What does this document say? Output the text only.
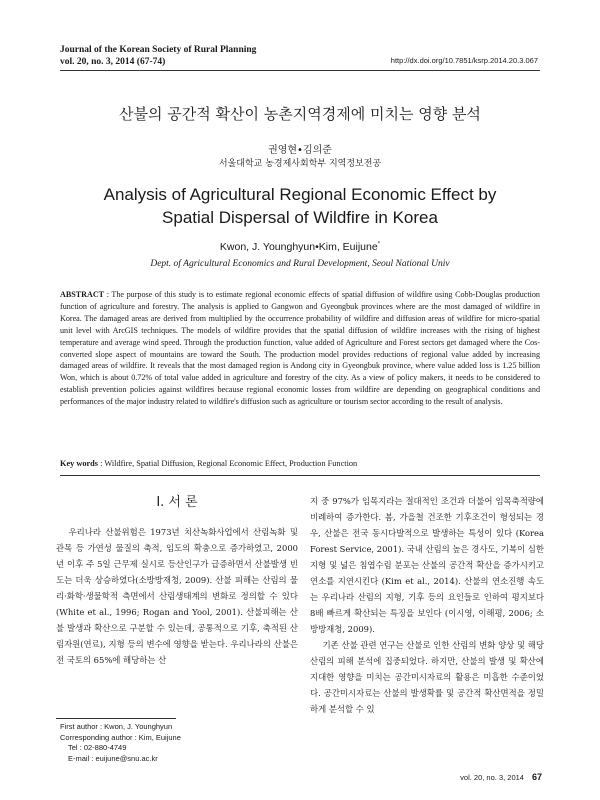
Journal of the Korean Society of Rural Planning
vol. 20, no. 3, 2014 (67-74)	http://dx.doi.org/10.7851/ksrp.2014.20.3.067
산불의 공간적 확산이 농촌지역경제에 미치는 영향 분석
권영현•김의준
서울대학교 농경제사회학부 지역정보전공
Analysis of Agricultural Regional Economic Effect by
Spatial Dispersal of Wildfire in Korea
Kwon, J. Younghyun•Kim, Euijune*
Dept. of Agricultural Economics and Rural Development, Seoul National Univ
ABSTRACT : The purpose of this study is to estimate regional economic effects of spatial diffusion of wildfire using Cobb-Douglas production function of agriculture and forestry. The analysis is applied to Gangwon and Gyeongbuk provinces where are the most damaged of wildfire in Korea. The damaged areas are derived from multiplied by the occurrence probability of wildfire and diffusion areas of wildfire for micro-spatial unit level with ArcGIS techniques. The models of wildfire provides that the spatial diffusion of wildfire increases with the rising of highest temperature and average wind speed. Through the production function, value added of Agriculture and Forest sectors get damaged where the Cos-converted slope aspect of mountains are toward the South. The production model provides reductions of regional value added by increasing damaged areas of wildfire. It reveals that the most damaged region is Andong city in Gyeongbuk province, where value added loss is 1.25 billion Won, which is about 0.72% of total value added in agriculture and forestry of the city. As a view of policy makers, it needs to be considered to establish prevention policies against wildfires because regional economic losses from wildfire are depending on geographical conditions and performances of the major industry related to wildfire's diffusion such as agriculture or tourism sector according to the result of analysis.
Key words : Wildfire, Spatial Diffusion, Regional Economic Effect, Production Function
Ⅰ. 서 론

우리나라 산불위험은 1973년 치산녹화사업에서 산림녹화 및 관목 등 가연성 물질의 축적, 임도의 확충으로 증가하였고, 2000년 이후 주 5일 근무제 실시로 등산인구가 급증하면서 산불발생 빈도는 더욱 상승하였다(소방방재청, 2009). 산불 피해는 산림의 물리·화학·생물학적 측면에서 산림생태계의 변화로 정의할 수 있다(White et al., 1996; Rogan and Yool, 2001). 산불피해는 산불 발생과 확산으로 구분할 수 있는데, 공통적으로 기후, 축적된 산림자원(연료), 지형 등의 변수에 영향을 받는다. 우리나라의 산불은 전 국토의 65%에 해당하는 산

지 중 97%가 임목지라는 절대적인 조건과 더불어 임목축적량에 비례하여 증가한다. 봄, 가을철 건조한 기후조건이 형성되는 경우, 산불은 전국 동시다발적으로 발생하는 특성이 있다 (Korea Forest Service, 2001). 국내 산림의 높은 경사도, 기복이 심한 지형 및 넓은 침엽수림 분포는 산불의 공간적 확산을 증가시키고 연소를 지연시킨다 (Kim et al., 2014). 산불의 연소진행 속도는 우리나라 산림의 지형, 기후 등의 요인들로 인하여 평지보다 8배 빠르게 확산되는 특징을 보인다 (이시영, 이해평, 2006; 소방방재청, 2009).

기존 산불 관련 연구는 산불로 인한 산림의 변화 양상 및 해당 산림의 피해 분석에 집중되었다. 하지만, 산불의 발생 및 확산에 지대한 영향을 미치는 공간미시자료의 활용은 미흡한 수준이었다. 공간미시자료는 산불의 발생확률 및 공간적 확산면적을 정밀하게 분석할 수 있

First author : Kwon, J. Younghyun
Corresponding author : Kim, Euijune
Tel : 02-880-4749
E-mail : euijune@snu.ac.kr
vol. 20, no. 3, 2014 67
